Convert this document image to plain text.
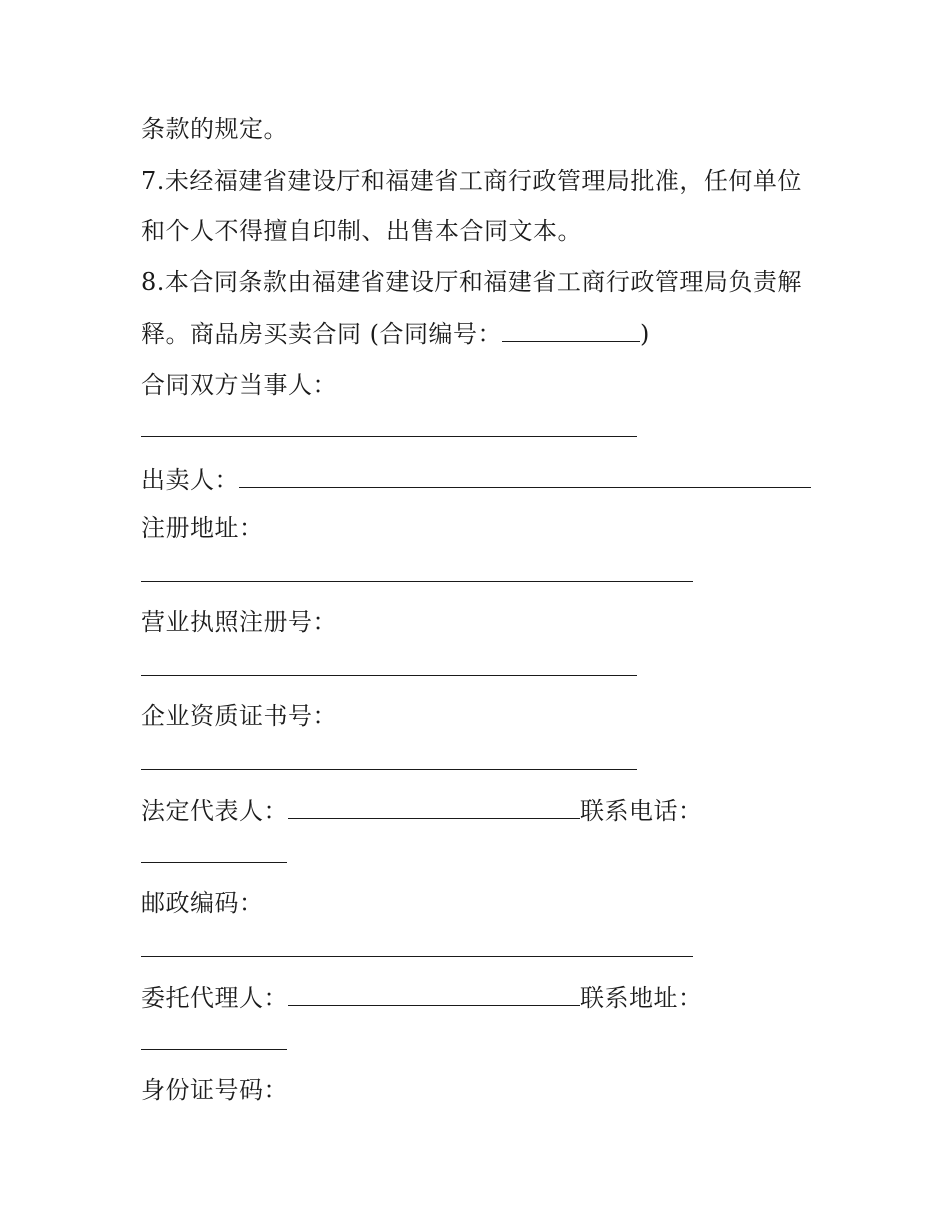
条款的规定。
7.未经福建省建设厅和福建省工商行政管理局批准，任何单位
和个人不得擅自印制、出售本合同文本。
8.本合同条款由福建省建设厅和福建省工商行政管理局负责解
释。商品房买卖合同 (合同编号：	)
合同双方当事人：
出卖人：
注册地址：
营业执照注册号：
企业资质证书号：
法定代表人：	联系电话：
邮政编码：
委托代理人：	联系地址：
身份证号码：
